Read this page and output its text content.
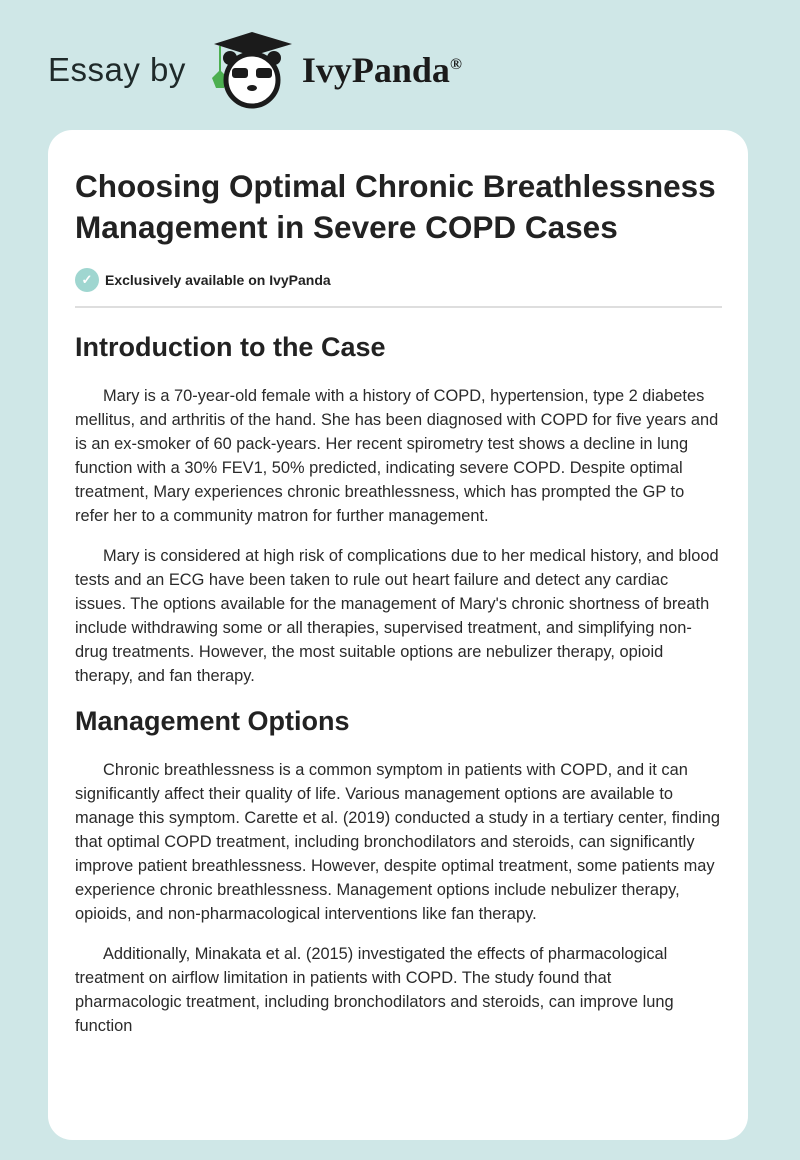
Essay by	IvyPanda®
Choosing Optimal Chronic Breathlessness Management in Severe COPD Cases
✓ Exclusively available on IvyPanda
Introduction to the Case

Mary is a 70-year-old female with a history of COPD, hypertension, type 2 diabetes mellitus, and arthritis of the hand. She has been diagnosed with COPD for five years and is an ex-smoker of 60 pack-years. Her recent spirometry test shows a decline in lung function with a 30% FEV1, 50% predicted, indicating severe COPD. Despite optimal treatment, Mary experiences chronic breathlessness, which has prompted the GP to refer her to a community matron for further management.

Mary is considered at high risk of complications due to her medical history, and blood tests and an ECG have been taken to rule out heart failure and detect any cardiac issues. The options available for the management of Mary's chronic shortness of breath include withdrawing some or all therapies, supervised treatment, and simplifying non-drug treatments. However, the most suitable options are nebulizer therapy, opioid therapy, and fan therapy.

Management Options

Chronic breathlessness is a common symptom in patients with COPD, and it can significantly affect their quality of life. Various management options are available to manage this symptom. Carette et al. (2019) conducted a study in a tertiary center, finding that optimal COPD treatment, including bronchodilators and steroids, can significantly improve patient breathlessness. However, despite optimal treatment, some patients may experience chronic breathlessness. Management options include nebulizer therapy, opioids, and non-pharmacological interventions like fan therapy.

Additionally, Minakata et al. (2015) investigated the effects of pharmacological treatment on airflow limitation in patients with COPD. The study found that pharmacologic treatment, including bronchodilators and steroids, can improve lung function
